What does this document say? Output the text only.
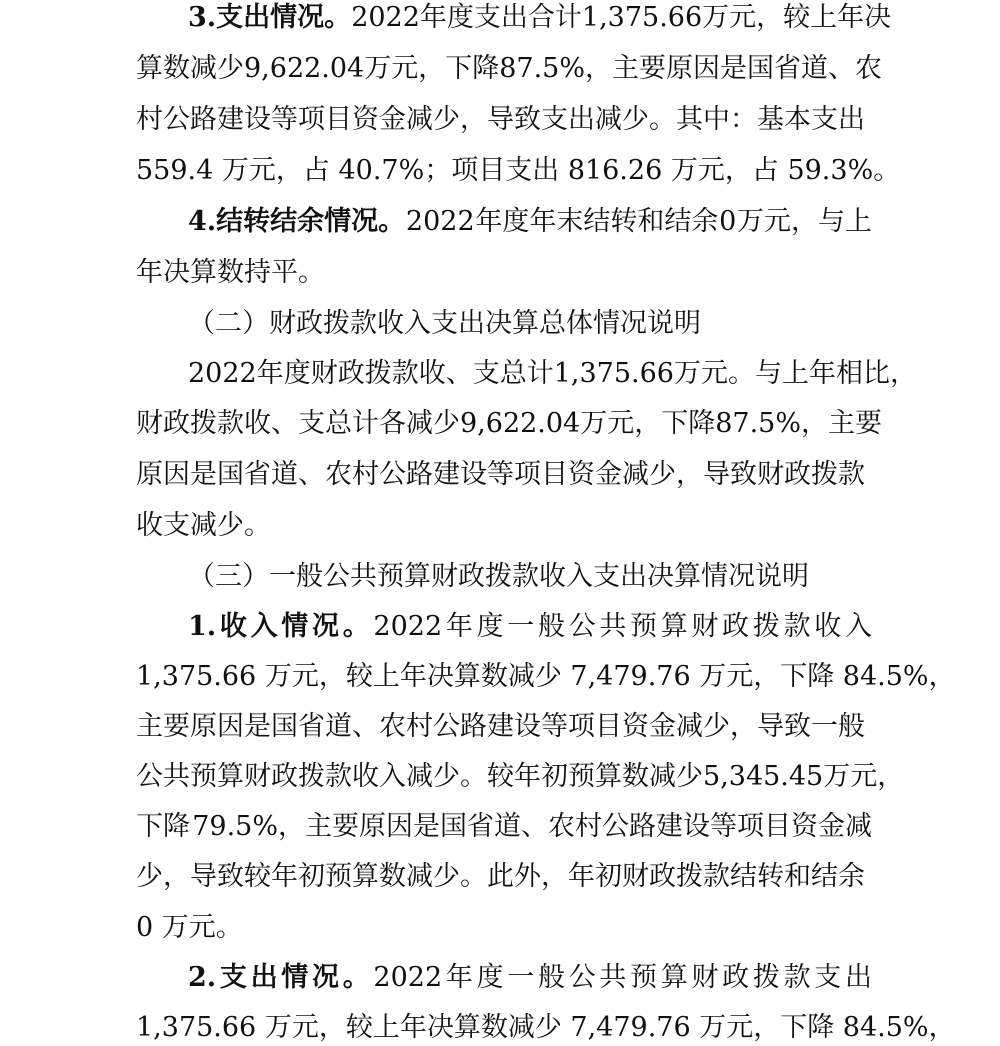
3.支出情况。 2022 年度支出合计 1,375.66 万元，较上年决
算数减少 9,622.04 万元，下降 87.5%，主要原因是国省道、农
村公路建设等项目资金减少，导致支出减少。其中：基本支出
559.4 万元，占 40.7%；项目支出 816.26 万元，占 59.3%。
4.结转结余情况。 2022 年度年末结转和结余 0 万元，与上
年决算数持平。
（二）财政拨款收入支出决算总体情况说明
2022 年度财政拨款收、支总计 1,375.66 万元。与上年相比，
财政拨款收、支总计各减少 9,622.04 万元，下降 87.5%，主要
原因是国省道、农村公路建设等项目资金减少，导致财政拨款
收支减少。
（三）一般公共预算财政拨款收入支出决算情况说明
1. 收 入 情 况 。 2022 年 度 一 般 公 共 预 算 财 政 拨 款 收 入
1,375.66 万元，较上年决算数减少 7,479.76 万元，下降 84.5%，
主要原因是国省道、农村公路建设等项目资金减少，导致一般
公共预算财政拨款收入减少。较年初预算数减少 5,345.45 万元，
下降 79.5%，主要原因是国省道、农村公路建设等项目资金减
少，导致较年初预算数减少。此外，年初财政拨款结转和结余
0 万元。
2. 支 出 情 况 。 2022 年 度 一 般 公 共 预 算 财 政 拨 款 支 出
1,375.66 万元，较上年决算数减少 7,479.76 万元，下降 84.5%，
